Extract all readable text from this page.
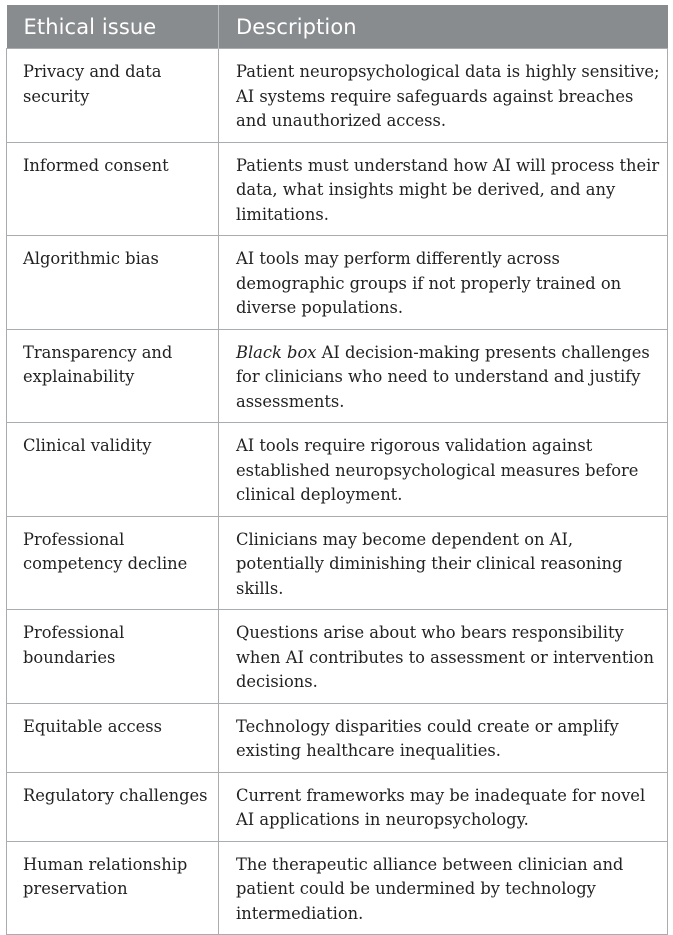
Ethical issue	Description
Privacy and data security	Patient neuropsychological data is highly sensitive; AI systems require safeguards against breaches and unauthorized access.
Informed consent	Patients must understand how AI will process their data, what insights might be derived, and any limitations.
Algorithmic bias	AI tools may perform differently across demographic groups if not properly trained on diverse populations.
Transparency and explainability	Black box AI decision-making presents challenges for clinicians who need to understand and justify assessments.
Clinical validity	AI tools require rigorous validation against established neuropsychological measures before clinical deployment.
Professional competency decline	Clinicians may become dependent on AI, potentially diminishing their clinical reasoning skills.
Professional boundaries	Questions arise about who bears responsibility when AI contributes to assessment or intervention decisions.
Equitable access	Technology disparities could create or amplify existing healthcare inequalities.
Regulatory challenges	Current frameworks may be inadequate for novel AI applications in neuropsychology.
Human relationship preservation	The therapeutic alliance between clinician and patient could be undermined by technology intermediation.
